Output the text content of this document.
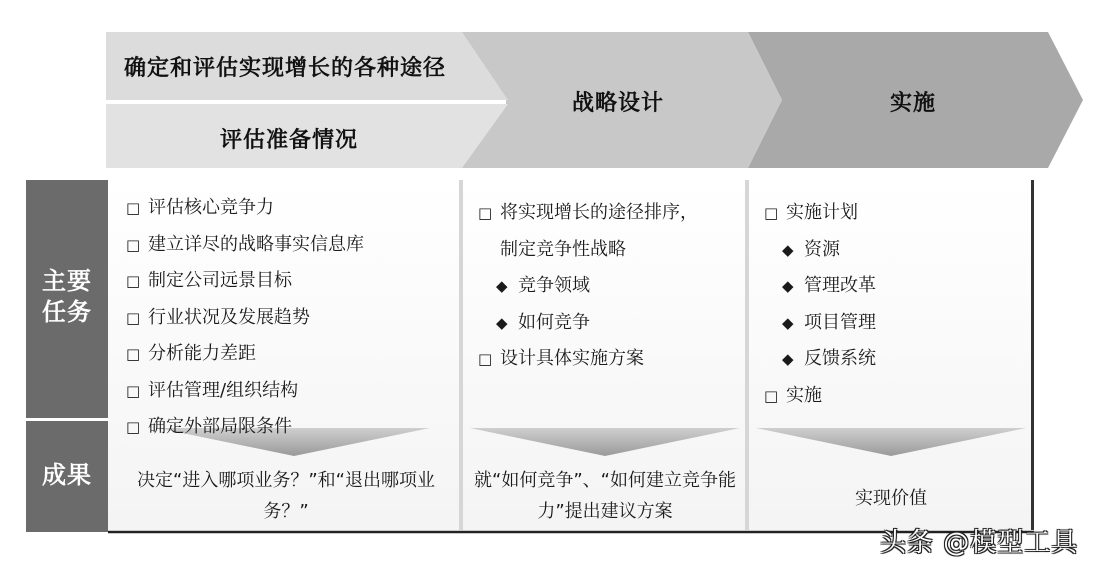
确定和评估实现增长的各种途径
评估准备情况
战略设计	实施
主要
任务
成果
□ 评估核心竞争力
□ 建立详尽的战略事实信息库
□ 制定公司远景目标
□ 行业状况及发展趋势
□ 分析能力差距
□ 评估管理/组织结构
□ 确定外部局限条件
□ 将实现增长的途径排序，
制定竞争性战略
◆ 竞争领域
◆ 如何竞争
□ 设计具体实施方案
□ 实施计划
◆ 资源
◆ 管理改革
◆ 项目管理
◆ 反馈系统
□ 实施
决定“进入哪项业务？”和“退出哪项业务？”
就“如何竞争”、“如何建立竞争能力”提出建议方案
实现价值
头条 @模型工具
